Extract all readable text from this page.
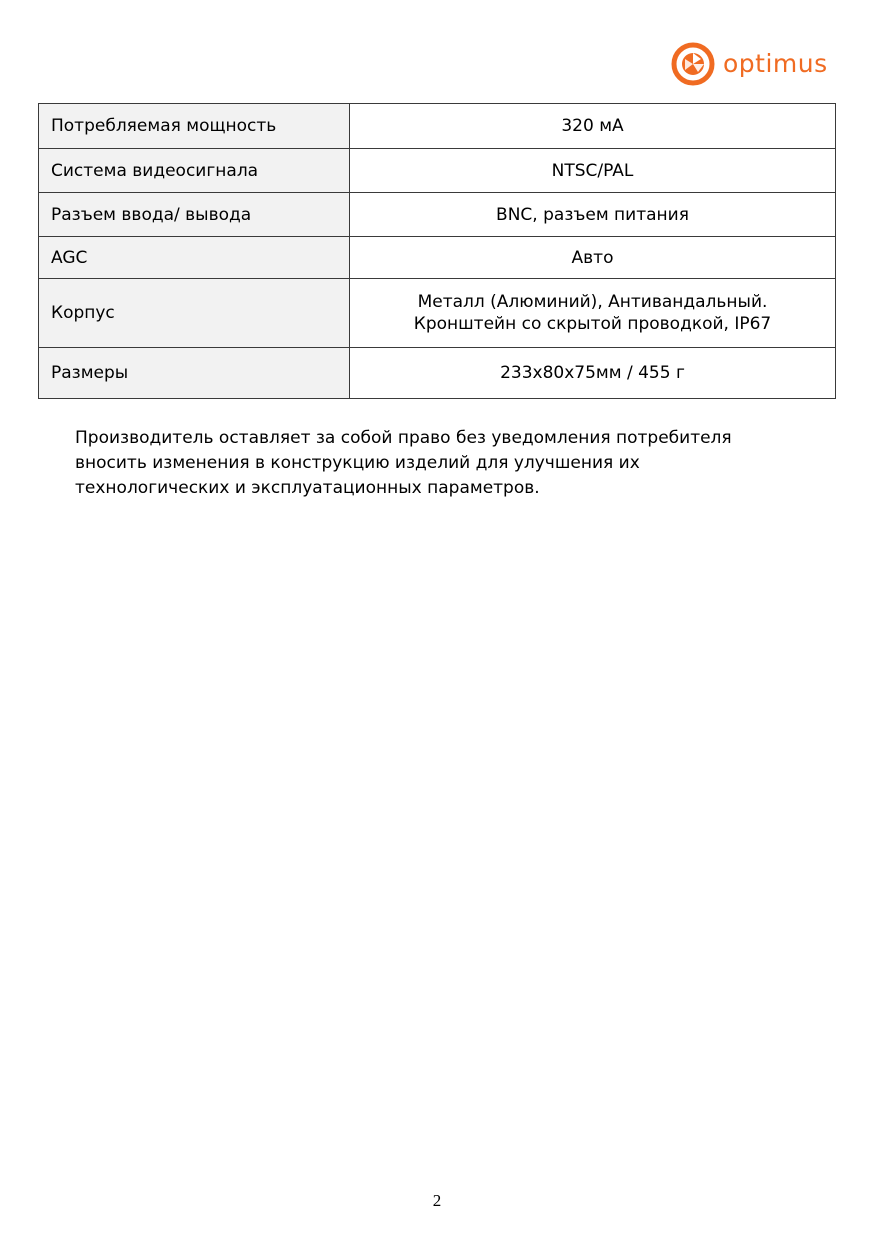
optimus
Потребляемая мощность	320 мА
Система видеосигнала	NTSC/PAL
Разъем ввода/ вывода	BNC, разъем питания
AGC	Авто
Корпус	Металл (Алюминий), Антивандальный.
Кронштейн со скрытой проводкой, IP67

Размеры	233x80x75мм / 455 г

Производитель оставляет за собой право без уведомления потребителя
вносить изменения в конструкцию изделий для улучшения их
технологических и эксплуатационных параметров.

2
